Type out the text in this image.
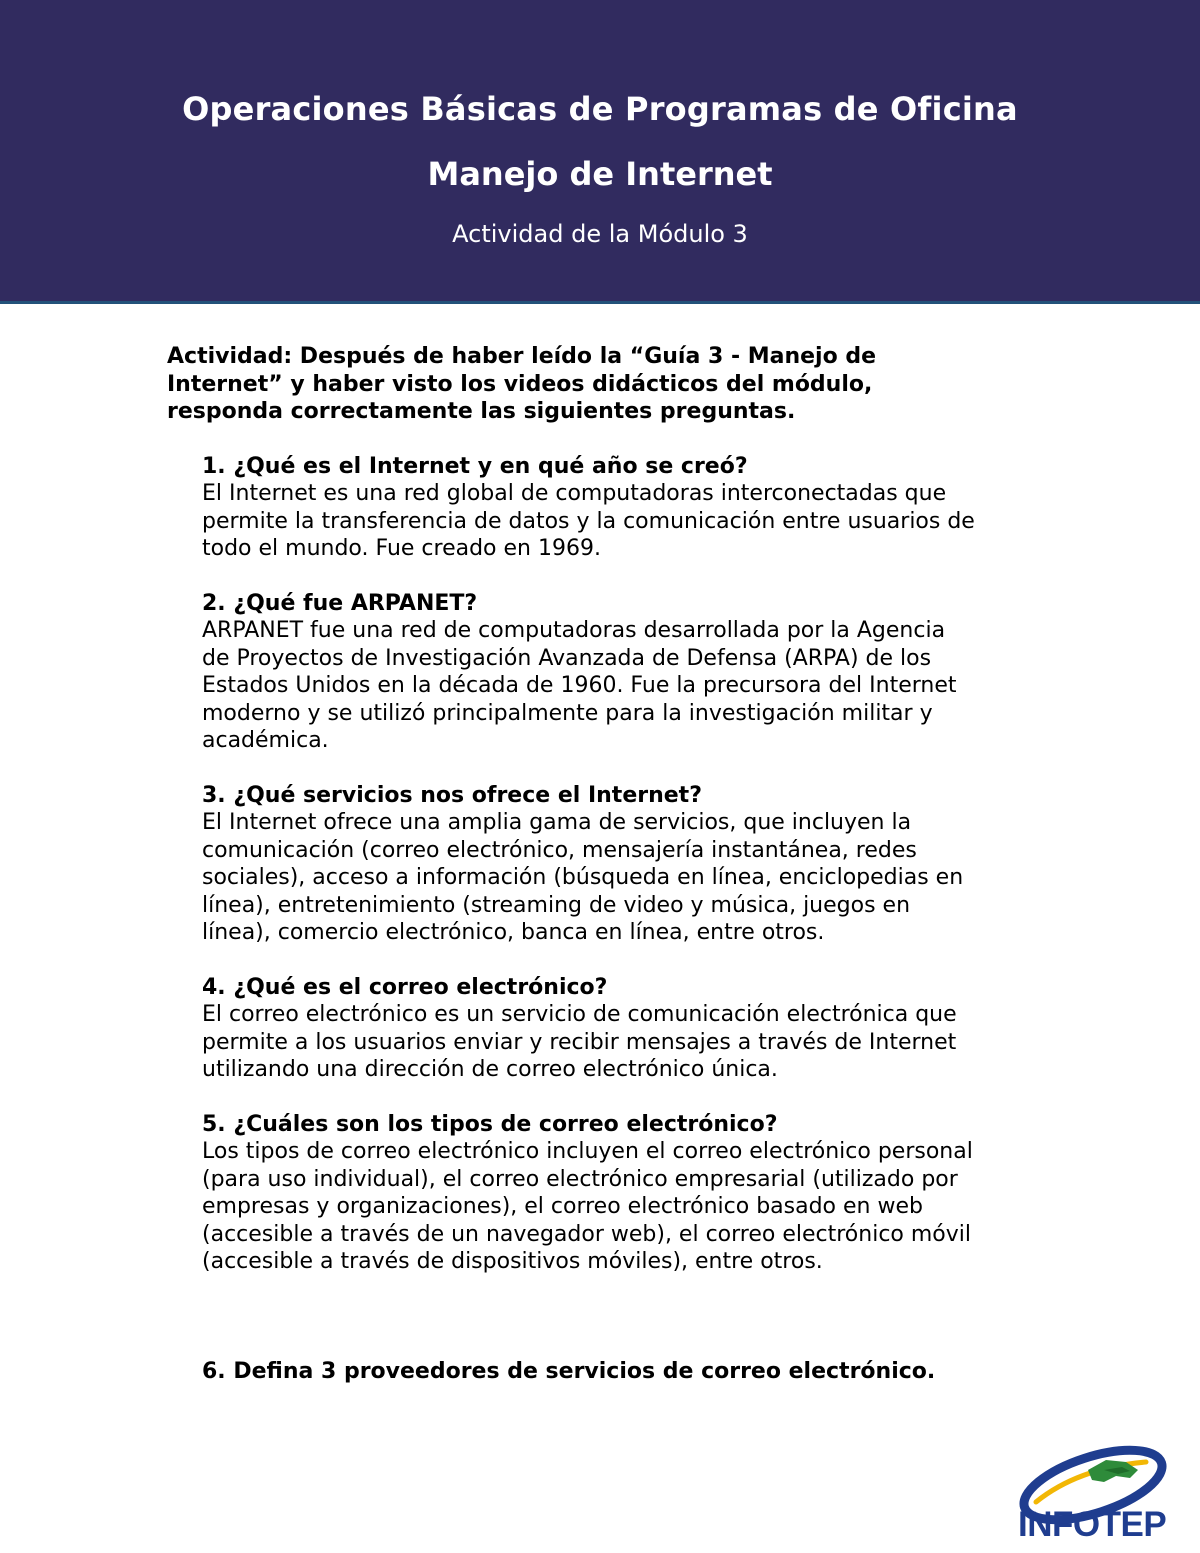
Operaciones Básicas de Programas de Oficina
Manejo de Internet
Actividad de la Módulo 3
Actividad: Después de haber leído la “Guía 3 - Manejo de
Internet” y haber visto los videos didácticos del módulo,
responda correctamente las siguientes preguntas.
1. ¿Qué es el Internet y en qué año se creó?
El Internet es una red global de computadoras interconectadas que
permite la transferencia de datos y la comunicación entre usuarios de
todo el mundo. Fue creado en 1969.
2. ¿Qué fue ARPANET?
ARPANET fue una red de computadoras desarrollada por la Agencia
de Proyectos de Investigación Avanzada de Defensa (ARPA) de los
Estados Unidos en la década de 1960. Fue la precursora del Internet
moderno y se utilizó principalmente para la investigación militar y
académica.
3. ¿Qué servicios nos ofrece el Internet?
El Internet ofrece una amplia gama de servicios, que incluyen la
comunicación (correo electrónico, mensajería instantánea, redes
sociales), acceso a información (búsqueda en línea, enciclopedias en
línea), entretenimiento (streaming de video y música, juegos en
línea), comercio electrónico, banca en línea, entre otros.
4. ¿Qué es el correo electrónico?
El correo electrónico es un servicio de comunicación electrónica que
permite a los usuarios enviar y recibir mensajes a través de Internet
utilizando una dirección de correo electrónico única.
5. ¿Cuáles son los tipos de correo electrónico?
Los tipos de correo electrónico incluyen el correo electrónico personal
(para uso individual), el correo electrónico empresarial (utilizado por
empresas y organizaciones), el correo electrónico basado en web
(accesible a través de un navegador web), el correo electrónico móvil
(accesible a través de dispositivos móviles), entre otros.
6. Defina 3 proveedores de servicios de correo electrónico.
INFOTEP
